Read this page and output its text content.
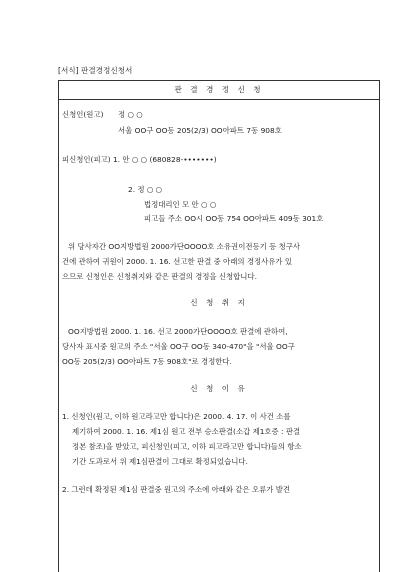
[서식] 판결경정신청서
판 결 경 정 신 청
신청인(원고) 정 ○ ○
서울 OO구 OO동 205(2/3) OO아파트 7동 908호
피신청인(피고) 1. 안 ○ ○ (680828-•••••••)
2. 정 ○ ○
법정대리인 모 안 ○ ○
피고들 주소 OO시 OO동 754 OO아파트 409동 301호
위 당사자간 OO지방법원 2000가단OOOO호 소유권이전등기 등 청구사
건에 관하여 귀원이 2000. 1. 16. 선고한 판결 중 아래의 경정사유가 있
으므로 신청인은 신청취지와 같은 판결의 경정을 신청합니다.
신 청 취 지
OO지방법원 2000. 1. 16. 선고 2000가단OOOO호 판결에 관하여,
당사자 표시중 원고의 주소 "서울 OO구 OO동 340-470"을 "서울 OO구
OO동 205(2/3) OO아파트 7동 908호"로 경정한다.
신 청 이 유
1. 신청인(원고, 이하 원고라고만 합니다)은 2000. 4. 17. 이 사건 소를
제기하여 2000. 1. 16. 제1심 원고 전부 승소판결(소갑 제1호증 : 판결
정본 참조)을 받았고, 피신청인(피고, 이하 피고라고만 합니다)들의 항소
기간 도과로서 위 제1심판결이 그대로 확정되었습니다.
2. 그런데 확정된 제1심 판결중 원고의 주소에 아래와 같은 오류가 발견
